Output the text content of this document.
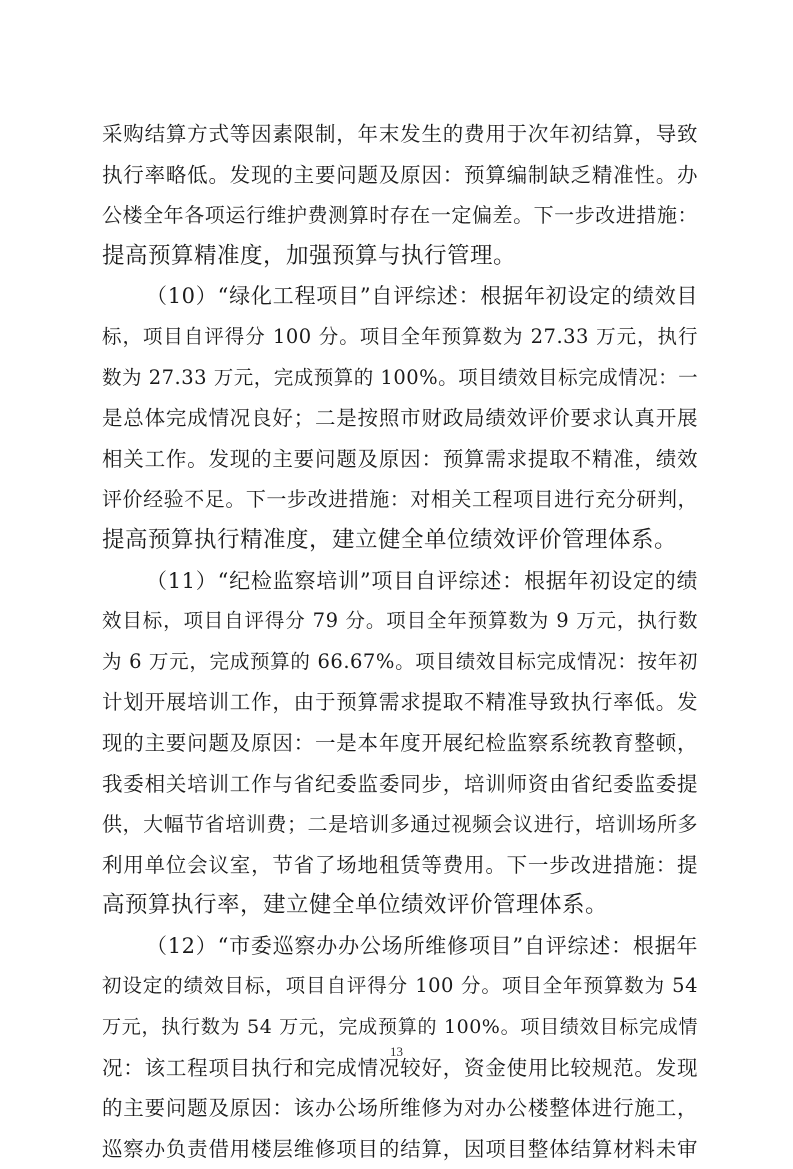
采购结算方式等因素限制，年末发生的费用于次年初结算，导致
执行率略低。发现的主要问题及原因：预算编制缺乏精准性。办
公楼全年各项运行维护费测算时存在一定偏差。下一步改进措施：
提高预算精准度，加强预算与执行管理。
（10）“绿化工程项目”自评综述：根据年初设定的绩效目
标，项目自评得分 100 分。项目全年预算数为 27.33 万元，执行
数为 27.33 万元，完成预算的 100%。项目绩效目标完成情况：一
是总体完成情况良好；二是按照市财政局绩效评价要求认真开展
相关工作。发现的主要问题及原因：预算需求提取不精准，绩效
评价经验不足。下一步改进措施：对相关工程项目进行充分研判，
提高预算执行精准度，建立健全单位绩效评价管理体系。
（11）“纪检监察培训”项目自评综述：根据年初设定的绩
效目标，项目自评得分 79 分。项目全年预算数为 9 万元，执行数
为 6 万元，完成预算的 66.67%。项目绩效目标完成情况：按年初
计划开展培训工作，由于预算需求提取不精准导致执行率低。发
现的主要问题及原因：一是本年度开展纪检监察系统教育整顿，
我委相关培训工作与省纪委监委同步，培训师资由省纪委监委提
供，大幅节省培训费；二是培训多通过视频会议进行，培训场所多
利用单位会议室，节省了场地租赁等费用。下一步改进措施：提
高预算执行率，建立健全单位绩效评价管理体系。
（12）“市委巡察办办公场所维修项目”自评综述：根据年
初设定的绩效目标，项目自评得分 100 分。项目全年预算数为 54
万元，执行数为 54 万元，完成预算的 100%。项目绩效目标完成情
况：该工程项目执行和完成情况较好，资金使用比较规范。发现
的主要问题及原因：该办公场所维修为对办公楼整体进行施工，
巡察办负责借用楼层维修项目的结算，因项目整体结算材料未审
13
